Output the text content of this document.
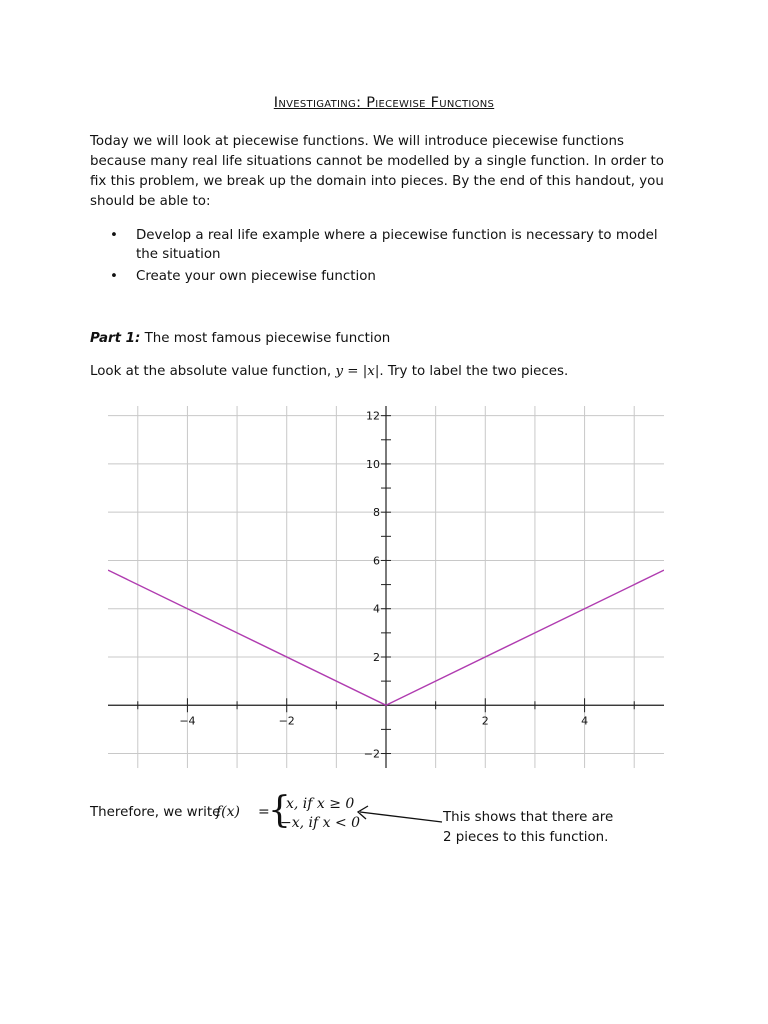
Investigating: Piecewise Functions
Today we will look at piecewise functions. We will introduce piecewise functions because many real life situations cannot be modelled by a single function. In order to fix this problem, we break up the domain into pieces. By the end of this handout, you should be able to:
• Develop a real life example where a piecewise function is necessary to model the situation
• Create your own piecewise function
Part 1: The most famous piecewise function
Look at the absolute value function, y = |x|. Try to label the two pieces.
−4	−2	2	4
−2
2
4
6
8
10
12
Therefore, we write
f(x) =
{
x, if x ≥ 0
−x, if x < 0	This shows that there are
2 pieces to this function.
